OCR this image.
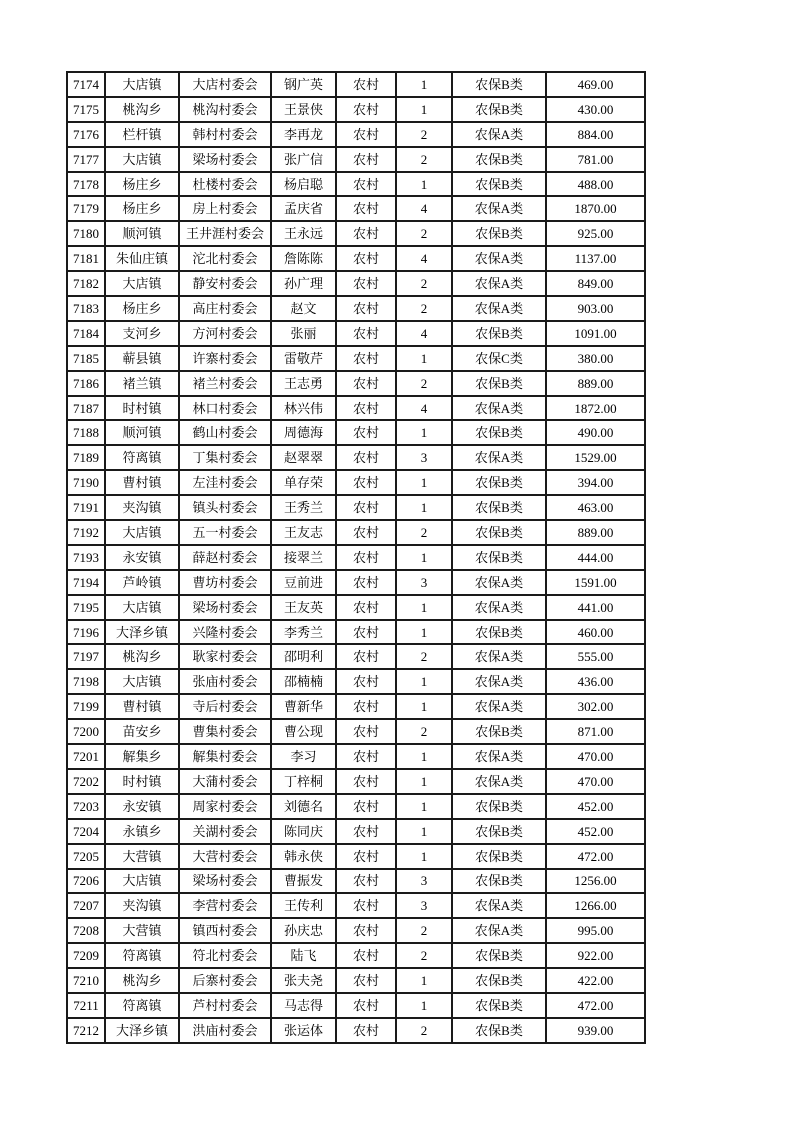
7174	大店镇	大店村委会	钢广英	农村	1	农保B类	469.00
7175	桃沟乡	桃沟村委会	王景侠	农村	1	农保B类	430.00
7176	栏杆镇	韩村村委会	李再龙	农村	2	农保A类	884.00
7177	大店镇	梁场村委会	张广信	农村	2	农保B类	781.00
7178	杨庄乡	杜楼村委会	杨启聪	农村	1	农保B类	488.00
7179	杨庄乡	房上村委会	孟庆省	农村	4	农保A类	1870.00
7180	顺河镇	王井涯村委会	王永远	农村	2	农保B类	925.00
7181	朱仙庄镇	沱北村委会	詹陈陈	农村	4	农保A类	1137.00
7182	大店镇	静安村委会	孙广理	农村	2	农保A类	849.00
7183	杨庄乡	高庄村委会	赵文	农村	2	农保A类	903.00
7184	支河乡	方河村委会	张丽	农村	4	农保B类	1091.00
7185	蕲县镇	许寨村委会	雷敬芹	农村	1	农保C类	380.00
7186	褚兰镇	褚兰村委会	王志勇	农村	2	农保B类	889.00
7187	时村镇	林口村委会	林兴伟	农村	4	农保A类	1872.00
7188	顺河镇	鹤山村委会	周德海	农村	1	农保B类	490.00
7189	符离镇	丁集村委会	赵翠翠	农村	3	农保A类	1529.00
7190	曹村镇	左洼村委会	单存荣	农村	1	农保B类	394.00
7191	夹沟镇	镇头村委会	王秀兰	农村	1	农保B类	463.00
7192	大店镇	五一村委会	王友志	农村	2	农保B类	889.00
7193	永安镇	薛赵村委会	接翠兰	农村	1	农保B类	444.00
7194	芦岭镇	曹坊村委会	豆前进	农村	3	农保A类	1591.00
7195	大店镇	梁场村委会	王友英	农村	1	农保A类	441.00
7196	大泽乡镇	兴隆村委会	李秀兰	农村	1	农保B类	460.00
7197	桃沟乡	耿家村委会	邵明利	农村	2	农保A类	555.00
7198	大店镇	张庙村委会	邵楠楠	农村	1	农保A类	436.00
7199	曹村镇	寺后村委会	曹新华	农村	1	农保A类	302.00
7200	苗安乡	曹集村委会	曹公现	农村	2	农保B类	871.00
7201	解集乡	解集村委会	李习	农村	1	农保A类	470.00
7202	时村镇	大蒲村委会	丁梓桐	农村	1	农保A类	470.00
7203	永安镇	周家村委会	刘德名	农村	1	农保B类	452.00
7204	永镇乡	关湖村委会	陈同庆	农村	1	农保B类	452.00
7205	大营镇	大营村委会	韩永侠	农村	1	农保B类	472.00
7206	大店镇	梁场村委会	曹振发	农村	3	农保B类	1256.00
7207	夹沟镇	李营村委会	王传利	农村	3	农保A类	1266.00
7208	大营镇	镇西村委会	孙庆忠	农村	2	农保A类	995.00
7209	符离镇	符北村委会	陆飞	农村	2	农保B类	922.00
7210	桃沟乡	后寨村委会	张夫尧	农村	1	农保B类	422.00
7211	符离镇	芦村村委会	马志得	农村	1	农保B类	472.00
7212	大泽乡镇	洪庙村委会	张运体	农村	2	农保B类	939.00
